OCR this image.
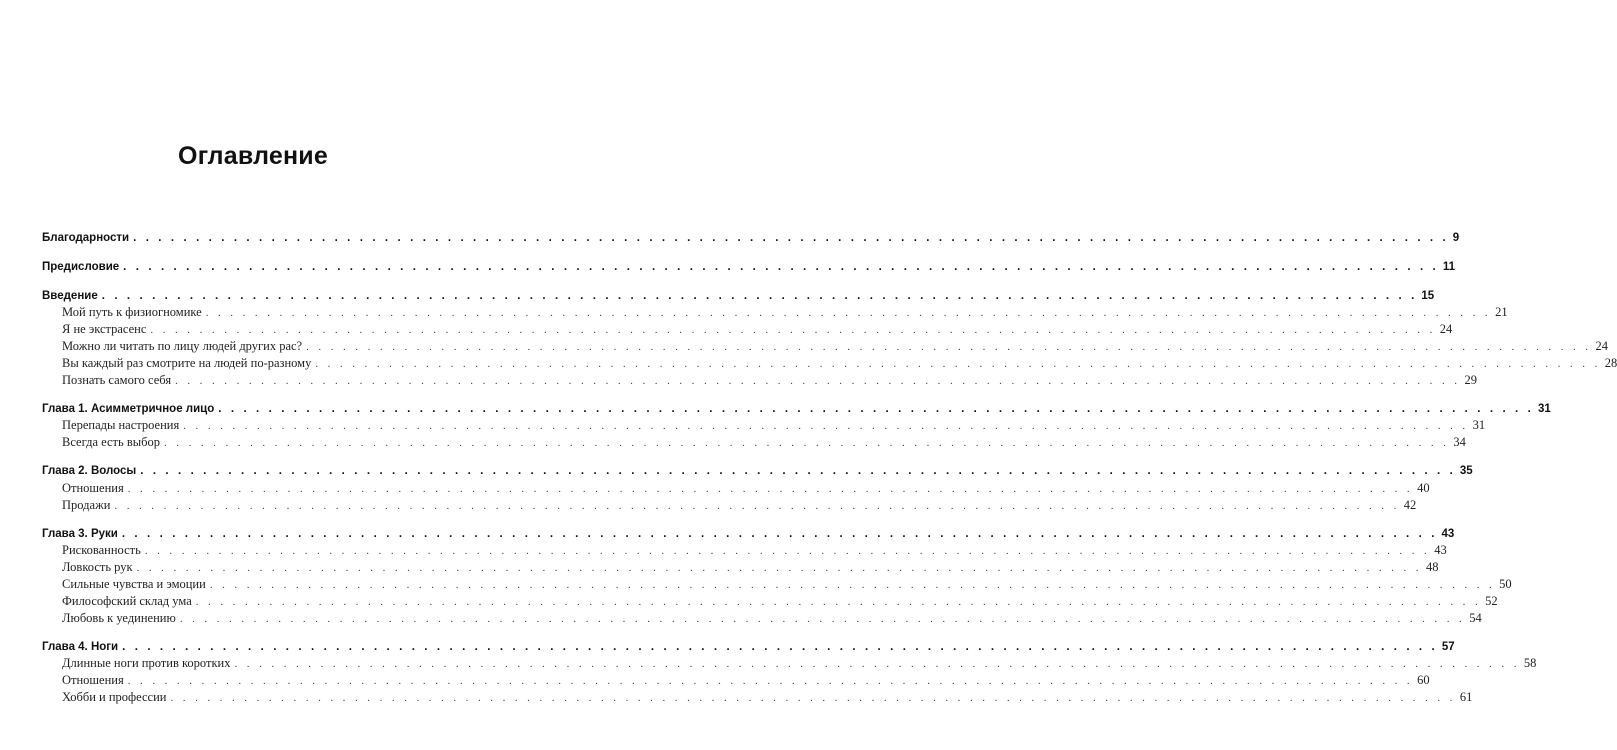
Оглавление
Благодарности . . . . . . . . . . . . . . . . . . . . . . . . . . . . . . . . . . . . . . . . . . . . . . . . . . . . . . . . . . . . . . . . . . . . . . . . . . . . . . . . . . . . . . . . . . . . . . . . . . . . . . . . . 9
Предисловие . . . . . . . . . . . . . . . . . . . . . . . . . . . . . . . . . . . . . . . . . . . . . . . . . . . . . . . . . . . . . . . . . . . . . . . . . . . . . . . . . . . . . . . . . . . . . . . . . . . . . . . . . 11
Введение . . . . . . . . . . . . . . . . . . . . . . . . . . . . . . . . . . . . . . . . . . . . . . . . . . . . . . . . . . . . . . . . . . . . . . . . . . . . . . . . . . . . . . . . . . . . . . . . . . . . . . . . . 15
Мой путь к физиогномике . . . . . . . . . . . . . . . . . . . . . . . . . . . . . . . . . . . . . . . . . . . . . . . . . . . . . . . . . . . . . . . . . . . . . . . . . . . . . . . . . . . . . . . . . . . . . . . . . . . . . . . . . 21
Я не экстрасенс . . . . . . . . . . . . . . . . . . . . . . . . . . . . . . . . . . . . . . . . . . . . . . . . . . . . . . . . . . . . . . . . . . . . . . . . . . . . . . . . . . . . . . . . . . . . . . . . . . . . . . . . . 24
Можно ли читать по лицу людей других рас? . . . . . . . . . . . . . . . . . . . . . . . . . . . . . . . . . . . . . . . . . . . . . . . . . . . . . . . . . . . . . . . . . . . . . . . . . . . . . . . . . . . . . . . . . . . . . . . . . . . . . . . . . 24
Вы каждый раз смотрите на людей по-разному . . . . . . . . . . . . . . . . . . . . . . . . . . . . . . . . . . . . . . . . . . . . . . . . . . . . . . . . . . . . . . . . . . . . . . . . . . . . . . . . . . . . . . . . . . . . . . . . . . . . . . . . . 28
Познать самого себя . . . . . . . . . . . . . . . . . . . . . . . . . . . . . . . . . . . . . . . . . . . . . . . . . . . . . . . . . . . . . . . . . . . . . . . . . . . . . . . . . . . . . . . . . . . . . . . . . . . . . . . . . 29
Глава 1. Асимметричное лицо . . . . . . . . . . . . . . . . . . . . . . . . . . . . . . . . . . . . . . . . . . . . . . . . . . . . . . . . . . . . . . . . . . . . . . . . . . . . . . . . . . . . . . . . . . . . . . . . . . . . . . . . . 31
Перепады настроения . . . . . . . . . . . . . . . . . . . . . . . . . . . . . . . . . . . . . . . . . . . . . . . . . . . . . . . . . . . . . . . . . . . . . . . . . . . . . . . . . . . . . . . . . . . . . . . . . . . . . . . . . 31
Всегда есть выбор . . . . . . . . . . . . . . . . . . . . . . . . . . . . . . . . . . . . . . . . . . . . . . . . . . . . . . . . . . . . . . . . . . . . . . . . . . . . . . . . . . . . . . . . . . . . . . . . . . . . . . . . . 34
Глава 2. Волосы . . . . . . . . . . . . . . . . . . . . . . . . . . . . . . . . . . . . . . . . . . . . . . . . . . . . . . . . . . . . . . . . . . . . . . . . . . . . . . . . . . . . . . . . . . . . . . . . . . . . . . . . . 35
Отношения . . . . . . . . . . . . . . . . . . . . . . . . . . . . . . . . . . . . . . . . . . . . . . . . . . . . . . . . . . . . . . . . . . . . . . . . . . . . . . . . . . . . . . . . . . . . . . . . . . . . . . . . . 40
Продажи . . . . . . . . . . . . . . . . . . . . . . . . . . . . . . . . . . . . . . . . . . . . . . . . . . . . . . . . . . . . . . . . . . . . . . . . . . . . . . . . . . . . . . . . . . . . . . . . . . . . . . . . . 42
Глава 3. Руки . . . . . . . . . . . . . . . . . . . . . . . . . . . . . . . . . . . . . . . . . . . . . . . . . . . . . . . . . . . . . . . . . . . . . . . . . . . . . . . . . . . . . . . . . . . . . . . . . . . . . . . . . 43
Рискованность . . . . . . . . . . . . . . . . . . . . . . . . . . . . . . . . . . . . . . . . . . . . . . . . . . . . . . . . . . . . . . . . . . . . . . . . . . . . . . . . . . . . . . . . . . . . . . . . . . . . . . . . . 43
Ловкость рук . . . . . . . . . . . . . . . . . . . . . . . . . . . . . . . . . . . . . . . . . . . . . . . . . . . . . . . . . . . . . . . . . . . . . . . . . . . . . . . . . . . . . . . . . . . . . . . . . . . . . . . . . 48
Сильные чувства и эмоции . . . . . . . . . . . . . . . . . . . . . . . . . . . . . . . . . . . . . . . . . . . . . . . . . . . . . . . . . . . . . . . . . . . . . . . . . . . . . . . . . . . . . . . . . . . . . . . . . . . . . . . . . 50
Философский склад ума . . . . . . . . . . . . . . . . . . . . . . . . . . . . . . . . . . . . . . . . . . . . . . . . . . . . . . . . . . . . . . . . . . . . . . . . . . . . . . . . . . . . . . . . . . . . . . . . . . . . . . . . . 52
Любовь к уединению . . . . . . . . . . . . . . . . . . . . . . . . . . . . . . . . . . . . . . . . . . . . . . . . . . . . . . . . . . . . . . . . . . . . . . . . . . . . . . . . . . . . . . . . . . . . . . . . . . . . . . . . . 54
Глава 4. Ноги . . . . . . . . . . . . . . . . . . . . . . . . . . . . . . . . . . . . . . . . . . . . . . . . . . . . . . . . . . . . . . . . . . . . . . . . . . . . . . . . . . . . . . . . . . . . . . . . . . . . . . . . . 57
Длинные ноги против коротких . . . . . . . . . . . . . . . . . . . . . . . . . . . . . . . . . . . . . . . . . . . . . . . . . . . . . . . . . . . . . . . . . . . . . . . . . . . . . . . . . . . . . . . . . . . . . . . . . . . . . . . . . 58
Отношения . . . . . . . . . . . . . . . . . . . . . . . . . . . . . . . . . . . . . . . . . . . . . . . . . . . . . . . . . . . . . . . . . . . . . . . . . . . . . . . . . . . . . . . . . . . . . . . . . . . . . . . . . 60
Хобби и профессии . . . . . . . . . . . . . . . . . . . . . . . . . . . . . . . . . . . . . . . . . . . . . . . . . . . . . . . . . . . . . . . . . . . . . . . . . . . . . . . . . . . . . . . . . . . . . . . . . . . . . . . . . 61
